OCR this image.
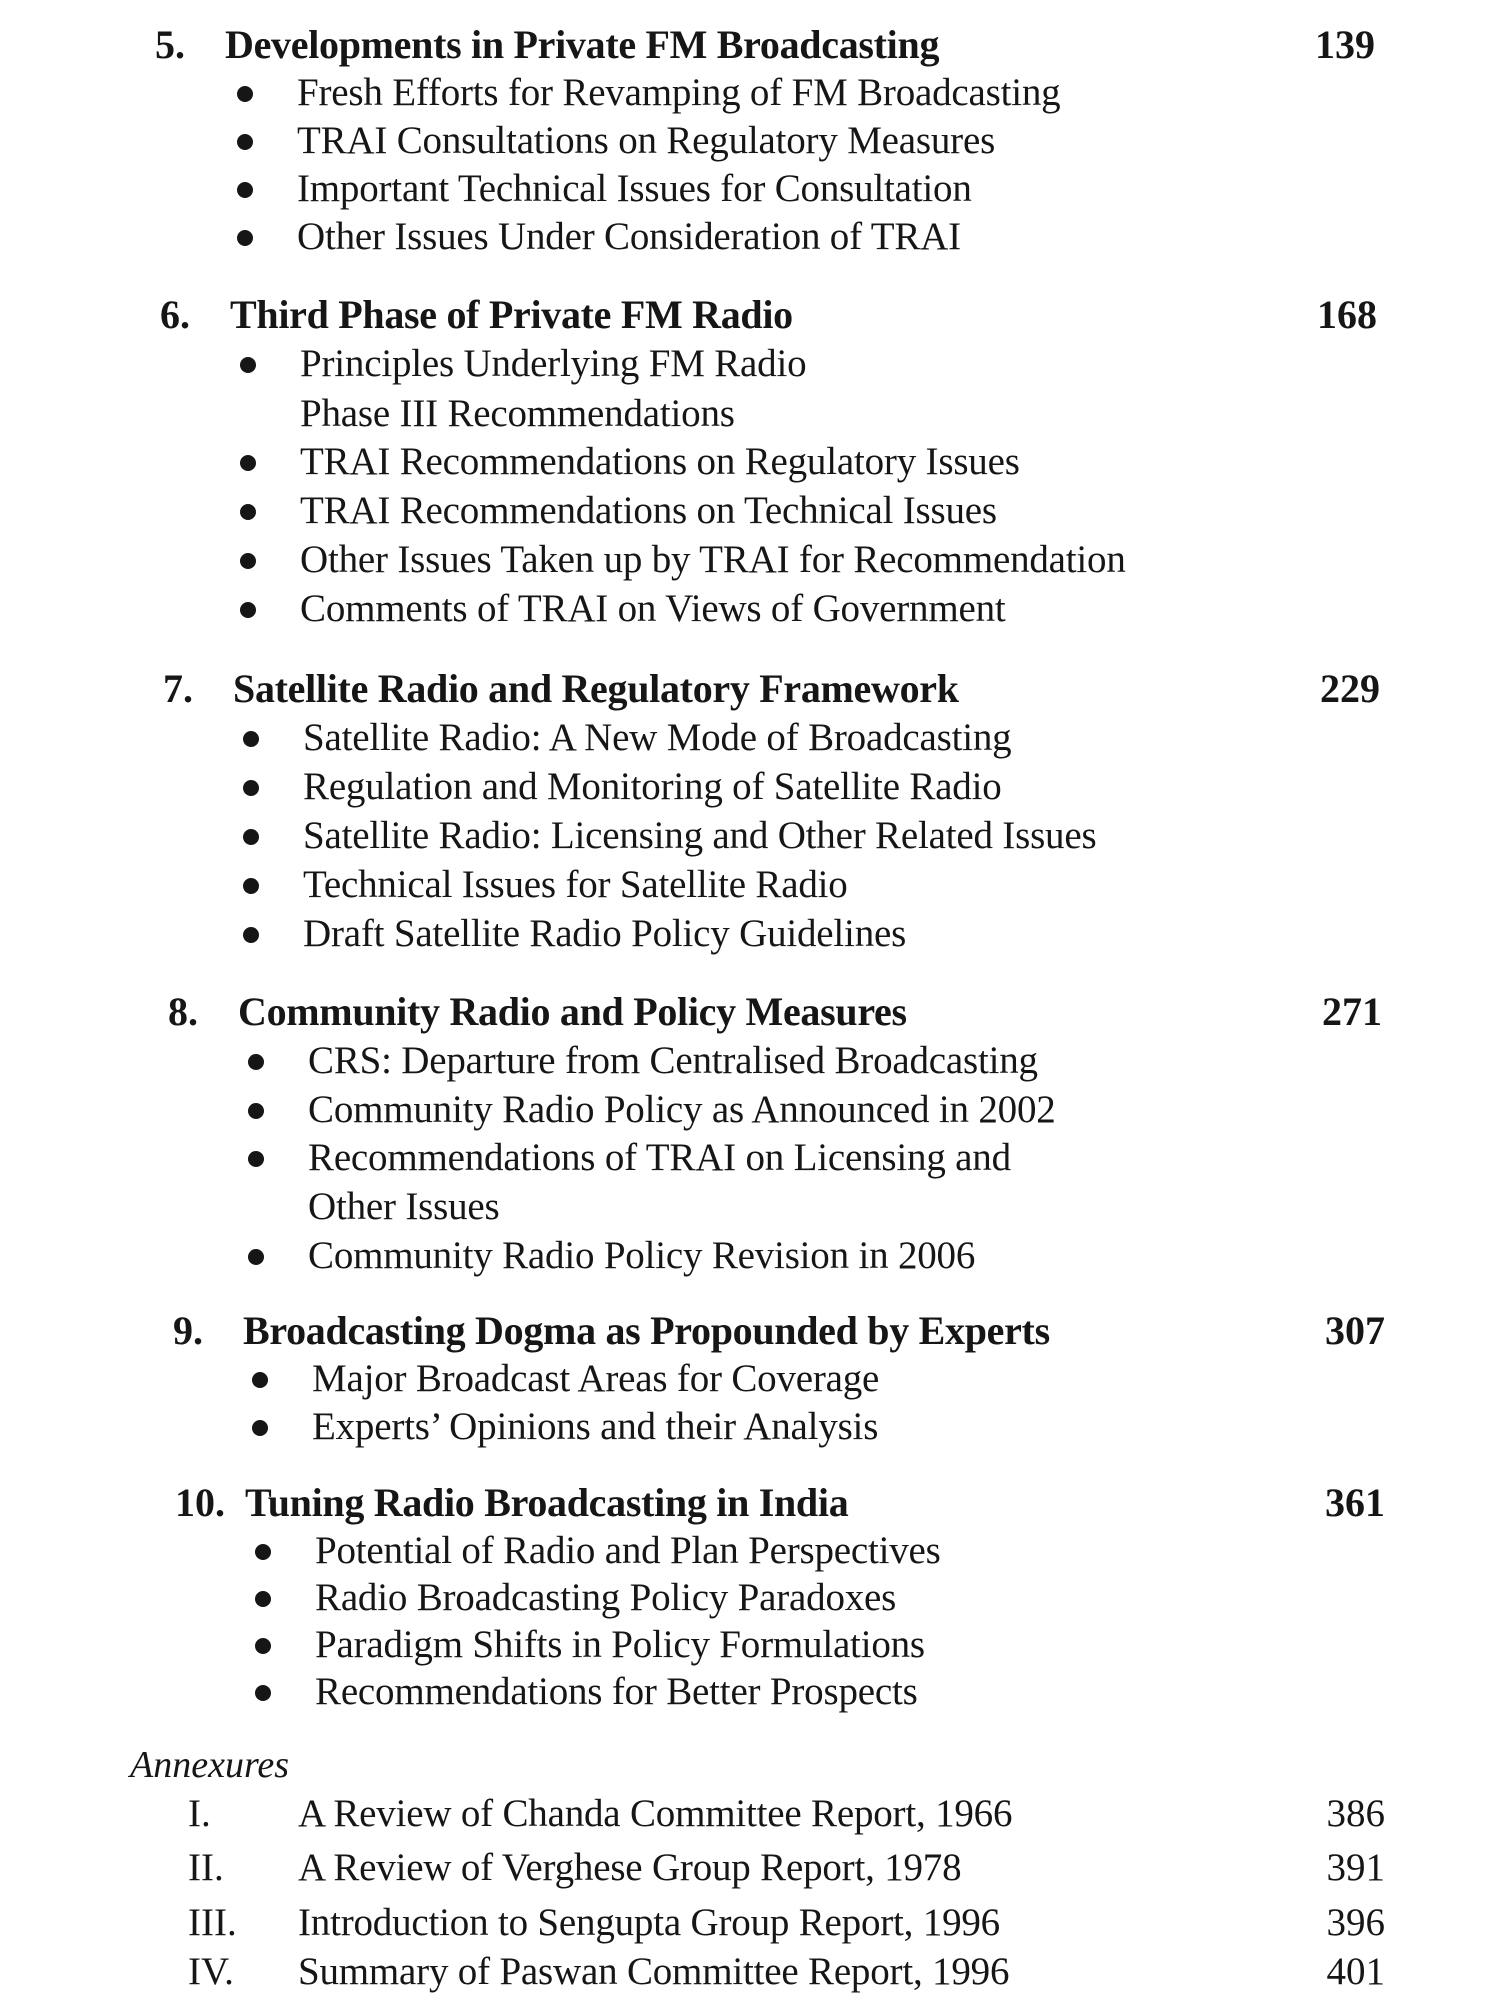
5. Developments in Private FM Broadcasting	139
Fresh Efforts for Revamping of FM Broadcasting
TRAI Consultations on Regulatory Measures
Important Technical Issues for Consultation
Other Issues Under Consideration of TRAI
6. Third Phase of Private FM Radio	168
Principles Underlying FM Radio
Phase III Recommendations
TRAI Recommendations on Regulatory Issues
TRAI Recommendations on Technical Issues
Other Issues Taken up by TRAI for Recommendation
Comments of TRAI on Views of Government
7. Satellite Radio and Regulatory Framework	229
Satellite Radio: A New Mode of Broadcasting
Regulation and Monitoring of Satellite Radio
Satellite Radio: Licensing and Other Related Issues
Technical Issues for Satellite Radio
Draft Satellite Radio Policy Guidelines
8. Community Radio and Policy Measures	271
CRS: Departure from Centralised Broadcasting
Community Radio Policy as Announced in 2002
Recommendations of TRAI on Licensing and
Other Issues
Community Radio Policy Revision in 2006
9. Broadcasting Dogma as Propounded by Experts	307
Major Broadcast Areas for Coverage
Experts’ Opinions and their Analysis
10. Tuning Radio Broadcasting in India	361
Potential of Radio and Plan Perspectives
Radio Broadcasting Policy Paradoxes
Paradigm Shifts in Policy Formulations
Recommendations for Better Prospects
Annexures
I. A Review of Chanda Committee Report, 1966	386
II. A Review of Verghese Group Report, 1978	391
III. Introduction to Sengupta Group Report, 1996	396
IV. Summary of Paswan Committee Report, 1996	401
